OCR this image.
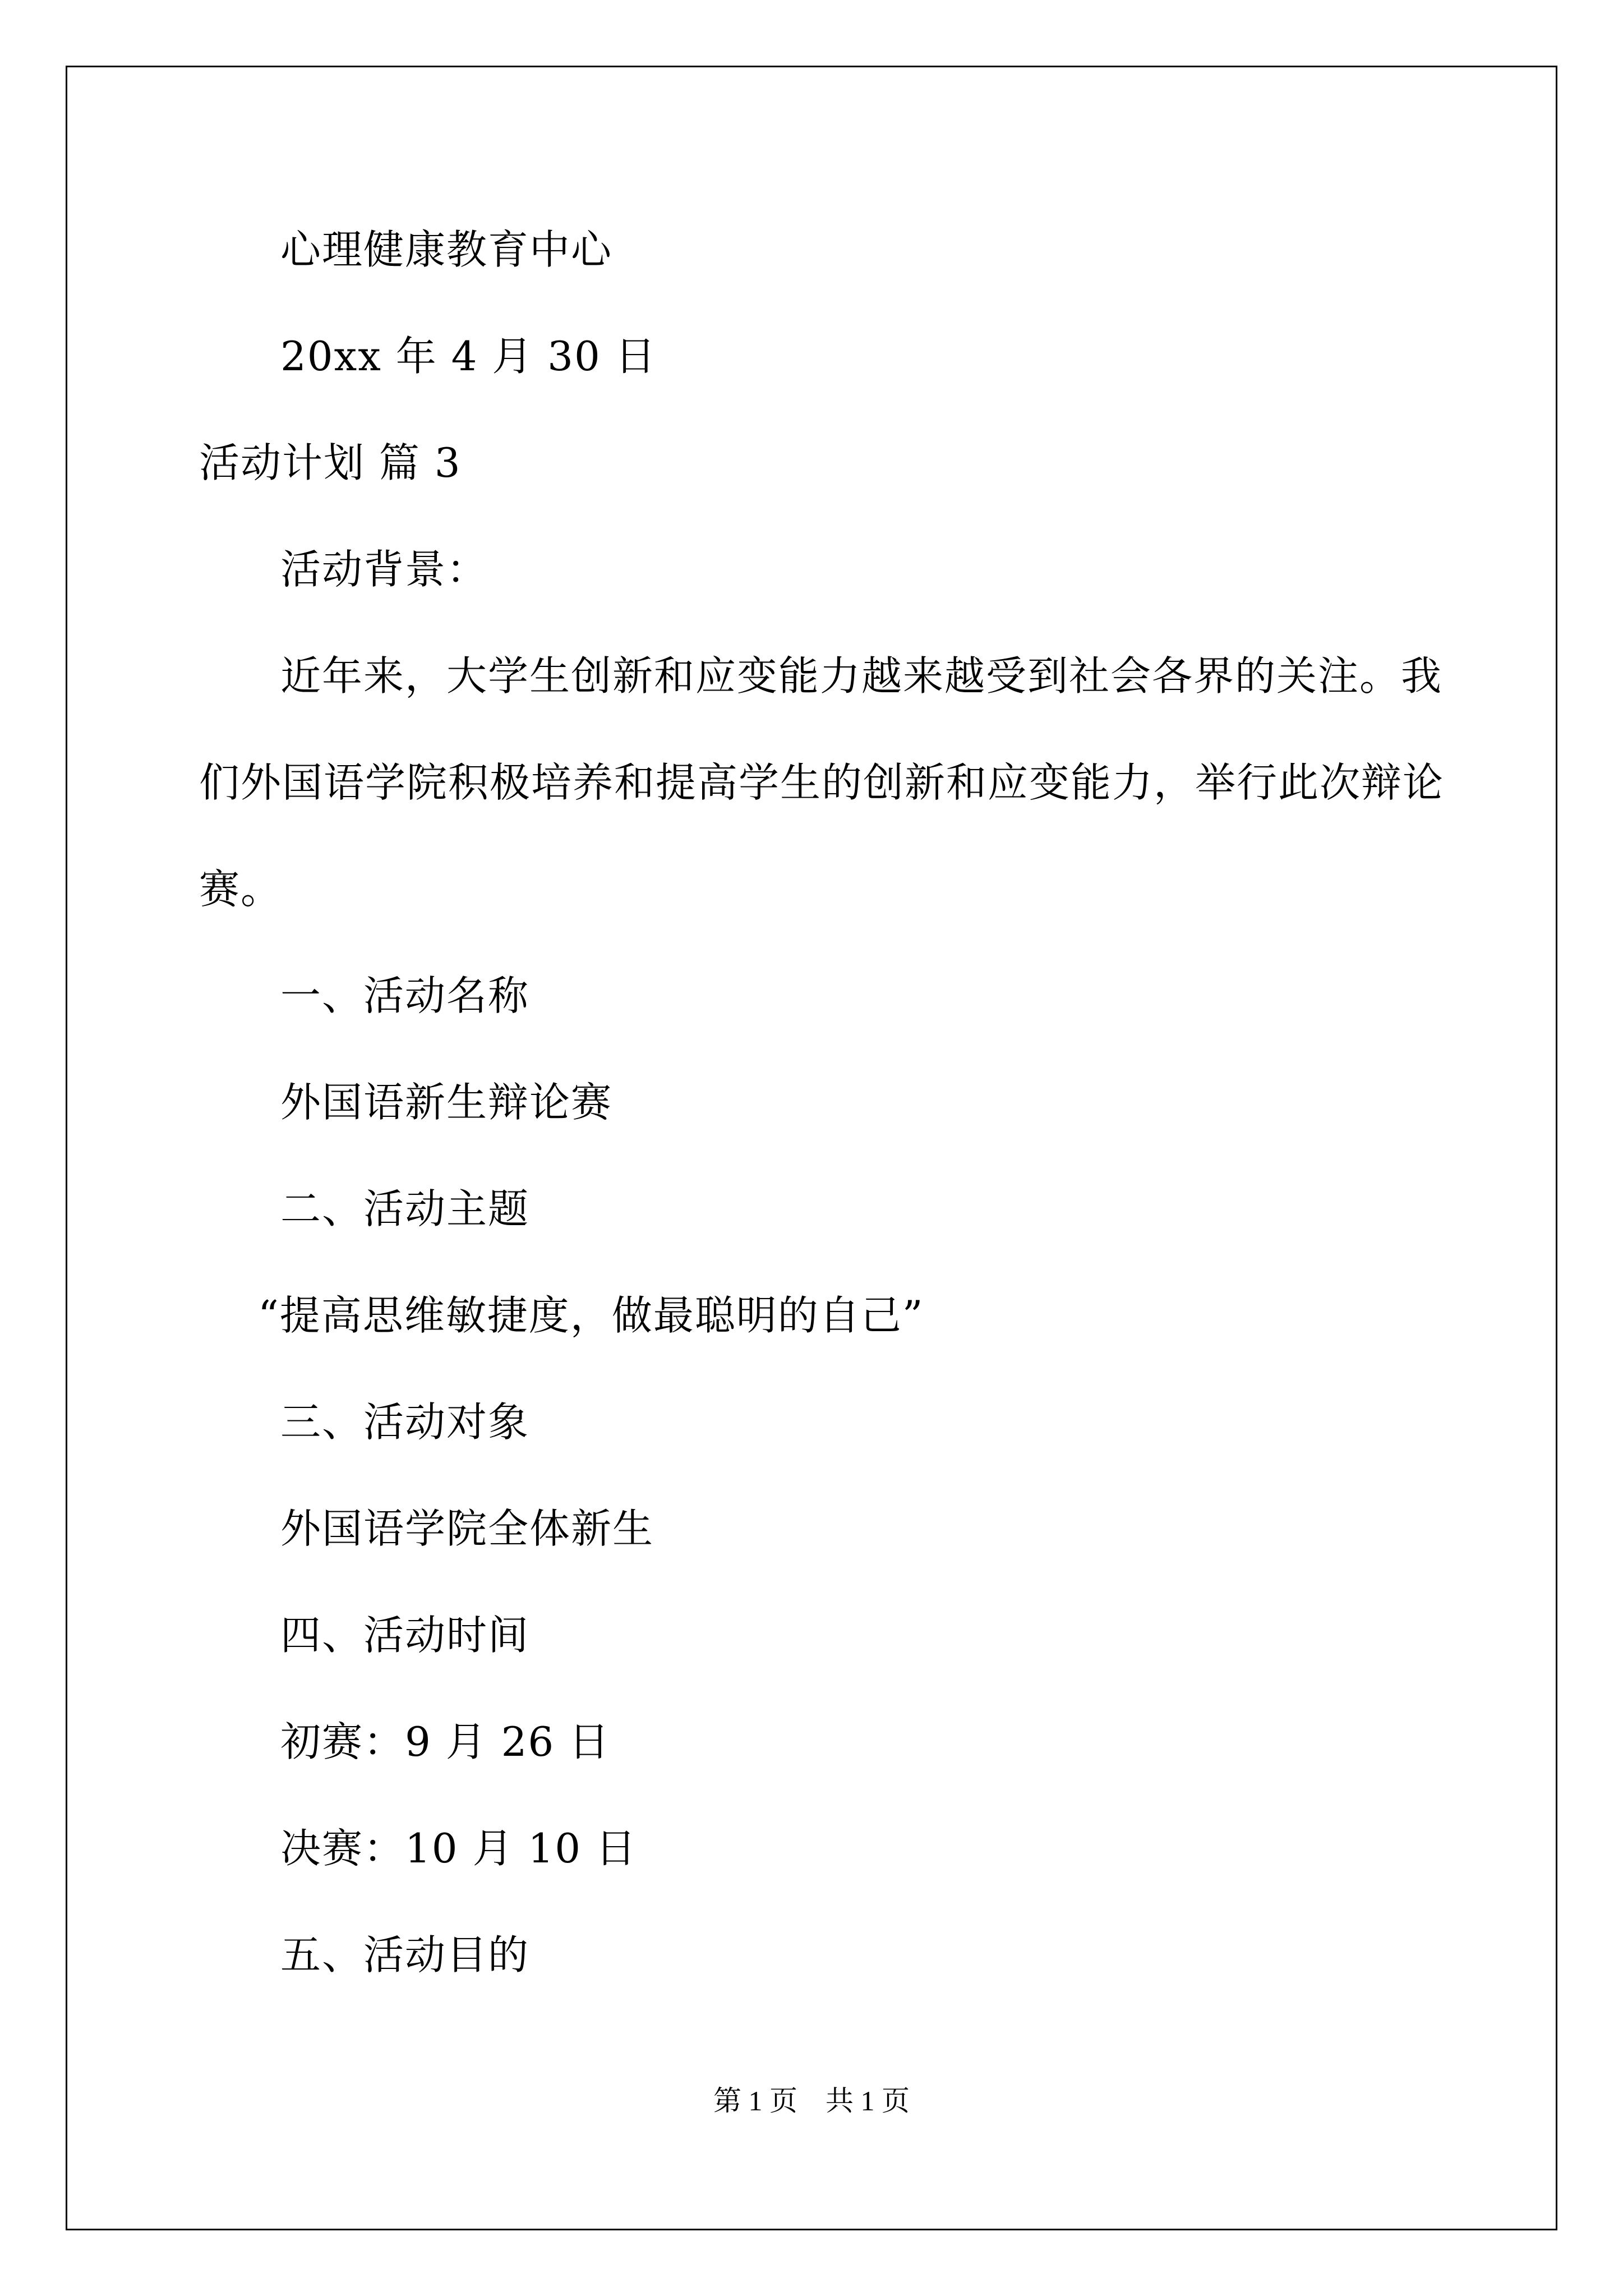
心理健康教育中心

20xx 年 4 月 30 日

活动计划 篇 3

活动背景：

近年来，大学生创新和应变能力越来越受到社会各界的关注。我

们外国语学院积极培养和提高学生的创新和应变能力，举行此次辩论

赛。

一、活动名称

外国语新生辩论赛

二、活动主题

“提高思维敏捷度，做最聪明的自己”

三、活动对象

外国语学院全体新生

四、活动时间

初赛：9 月 26 日

决赛：10 月 10 日

五、活动目的

第 1 页    共 1 页
